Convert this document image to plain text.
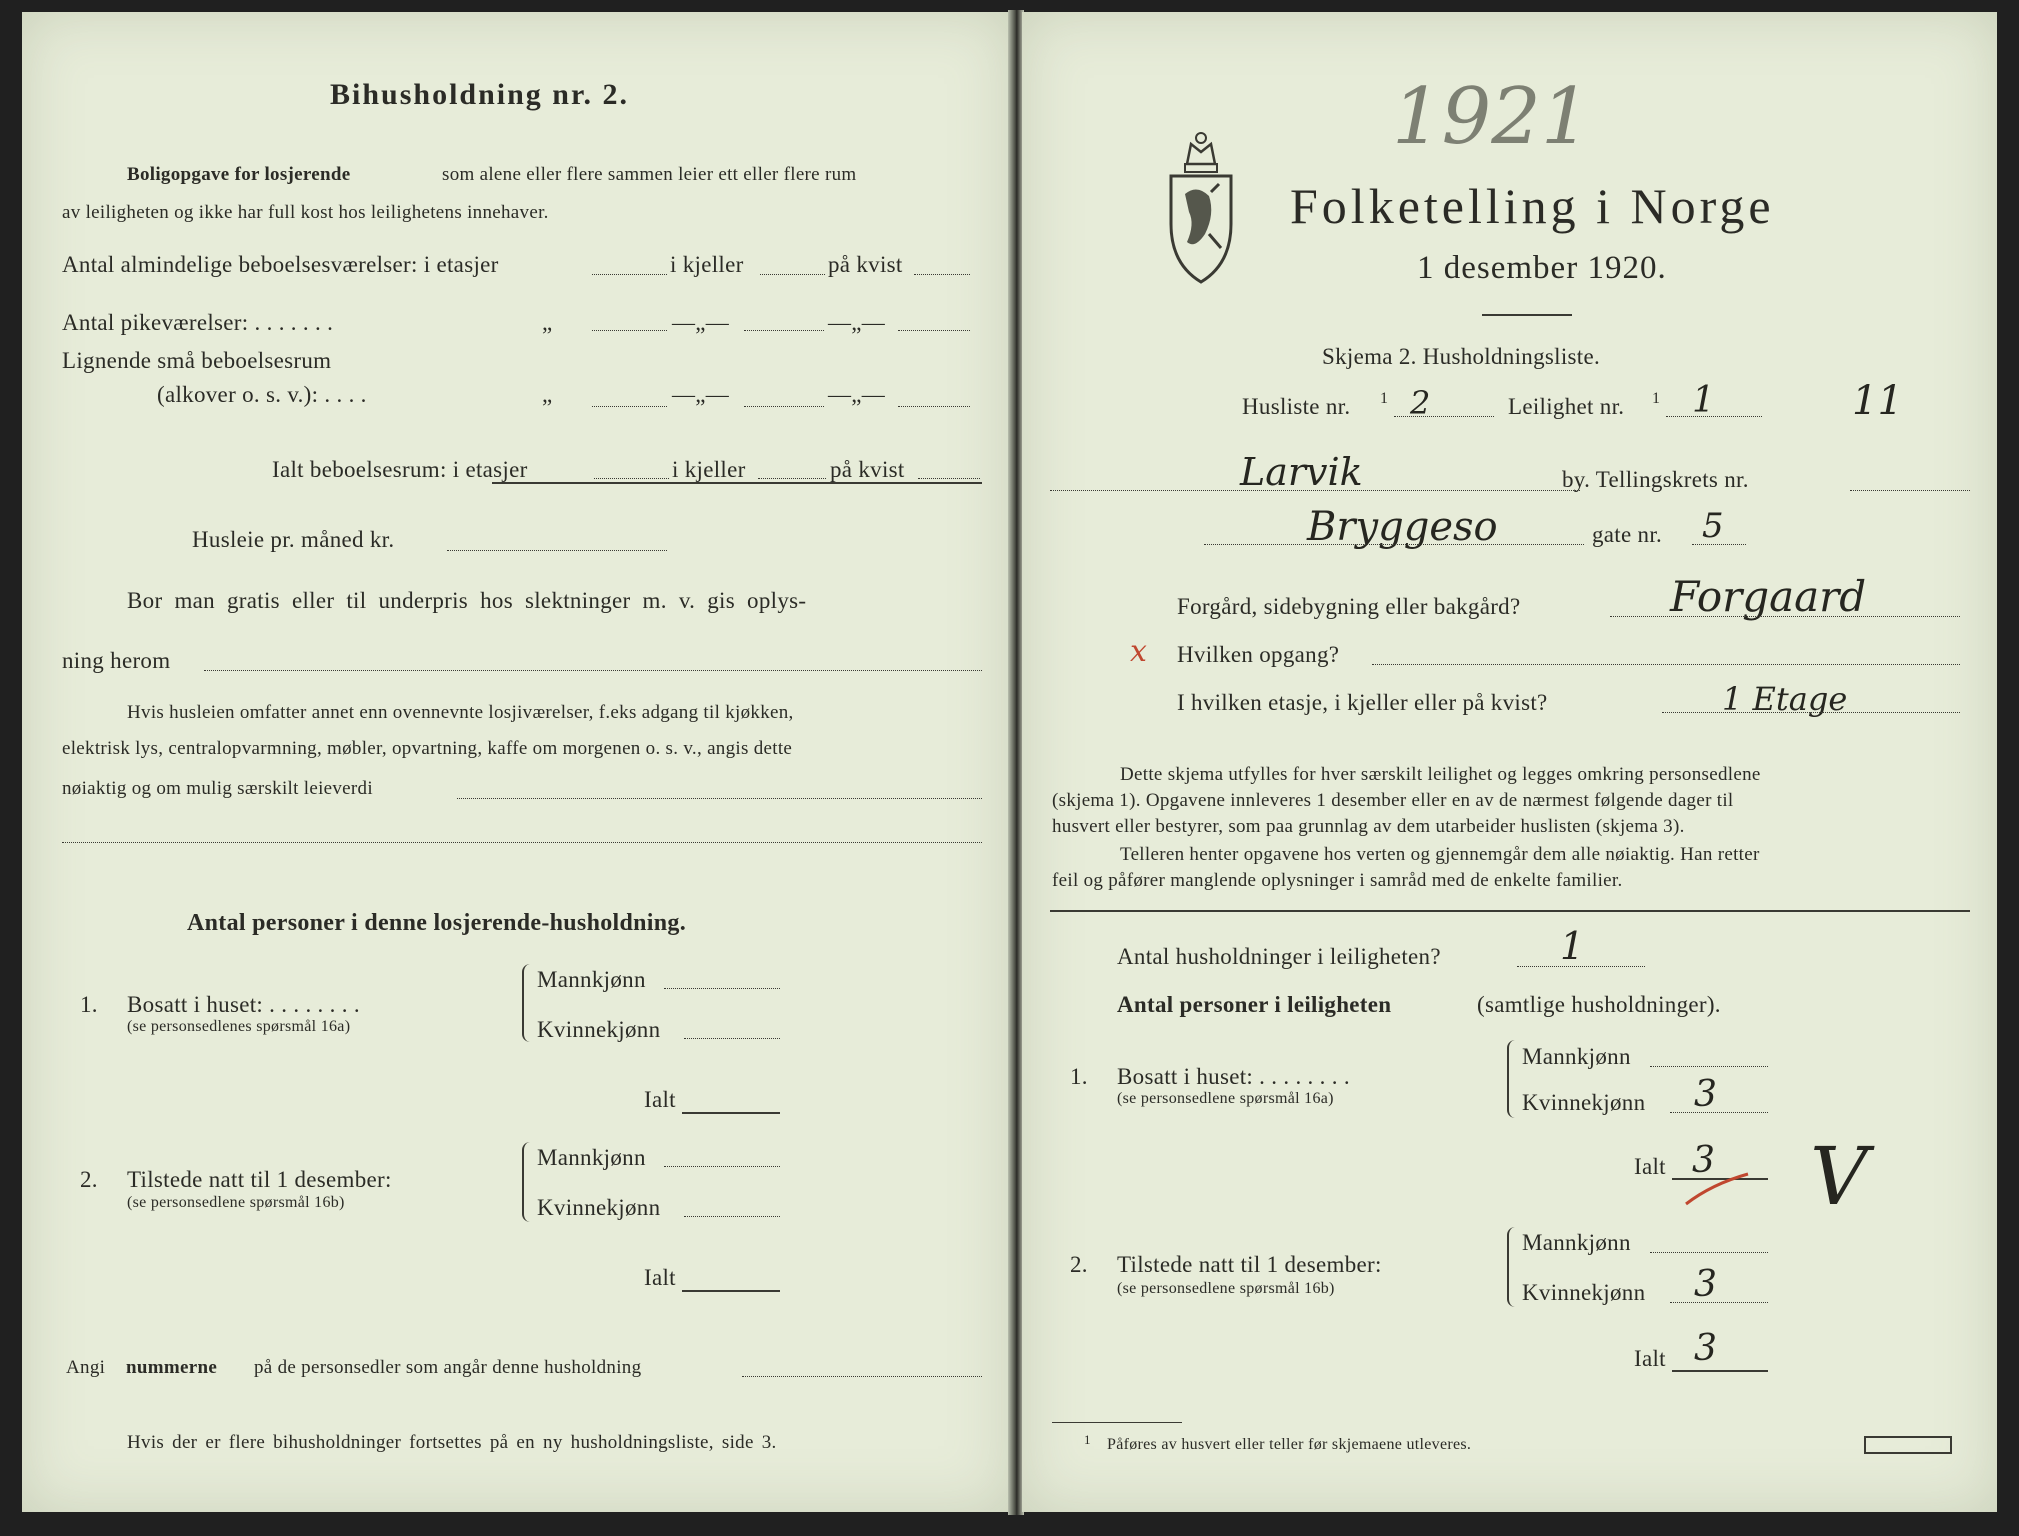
Bihusholdning nr. 2.
Boligopgave for losjerende	som alene eller flere sammen leier ett eller flere rum
av leiligheten og ikke har full kost hos leilighetens innehaver.
Antal almindelige beboelsesværelser: i etasjer	i kjeller	på kvist
Antal pikeværelser: . . . . . . .	„	—„—	—„—
Lignende små beboelsesrum
(alkover o. s. v.): . . . .	„	—„—	—„—
Ialt beboelsesrum: i etasjer	i kjeller	på kvist
Husleie pr. måned kr.
Bor man gratis eller til underpris hos slektninger m. v. gis oplys-
ning herom
Hvis husleien omfatter annet enn ovennevnte losjiværelser, f.eks adgang til kjøkken,
elektrisk lys, centralopvarmning, møbler, opvartning, kaffe om morgenen o. s. v., angis dette
nøiaktig og om mulig særskilt leieverdi
Antal personer i denne losjerende-husholdning.
1. Bosatt i huset: . . . . . . . .
(se personsedlenes spørsmål 16a)
Mannkjønn
Kvinnekjønn
Ialt
2. Tilstede natt til 1 desember:
(se personsedlene spørsmål 16b)
Mannkjønn
Kvinnekjønn
Ialt
Angi nummerne på de personsedler som angår denne husholdning
Hvis der er flere bihusholdninger fortsettes på en ny husholdningsliste, side 3.
1921
Folketelling i Norge
1 desember 1920.
Skjema 2. Husholdningsliste.
Husliste nr. 1 2	Leilighet nr. 1 1	11
Larvik	by. Tellingskrets nr.
Bryggeso	gate nr. 5
Forgård, sidebygning eller bakgård?	Forgaard
x Hvilken opgang?
I hvilken etasje, i kjeller eller på kvist?	1 Etage
Dette skjema utfylles for hver særskilt leilighet og legges omkring personsedlene
(skjema 1). Opgavene innleveres 1 desember eller en av de nærmest følgende dager til
husvert eller bestyrer, som paa grunnlag av dem utarbeider huslisten (skjema 3).
Telleren henter opgavene hos verten og gjennemgår dem alle nøiaktig. Han retter
feil og påfører manglende oplysninger i samråd med de enkelte familier.
Antal husholdninger i leiligheten?	1
Antal personer i leiligheten	(samtlige husholdninger).
1. Bosatt i huset: . . . . . . . .
(se personsedlene spørsmål 16a)
Mannkjønn
Kvinnekjønn 3
Ialt 3 V
2. Tilstede natt til 1 desember:
(se personsedlene spørsmål 16b)
Mannkjønn
Kvinnekjønn 3
Ialt 3
1 Påføres av husvert eller teller før skjemaene utleveres.
